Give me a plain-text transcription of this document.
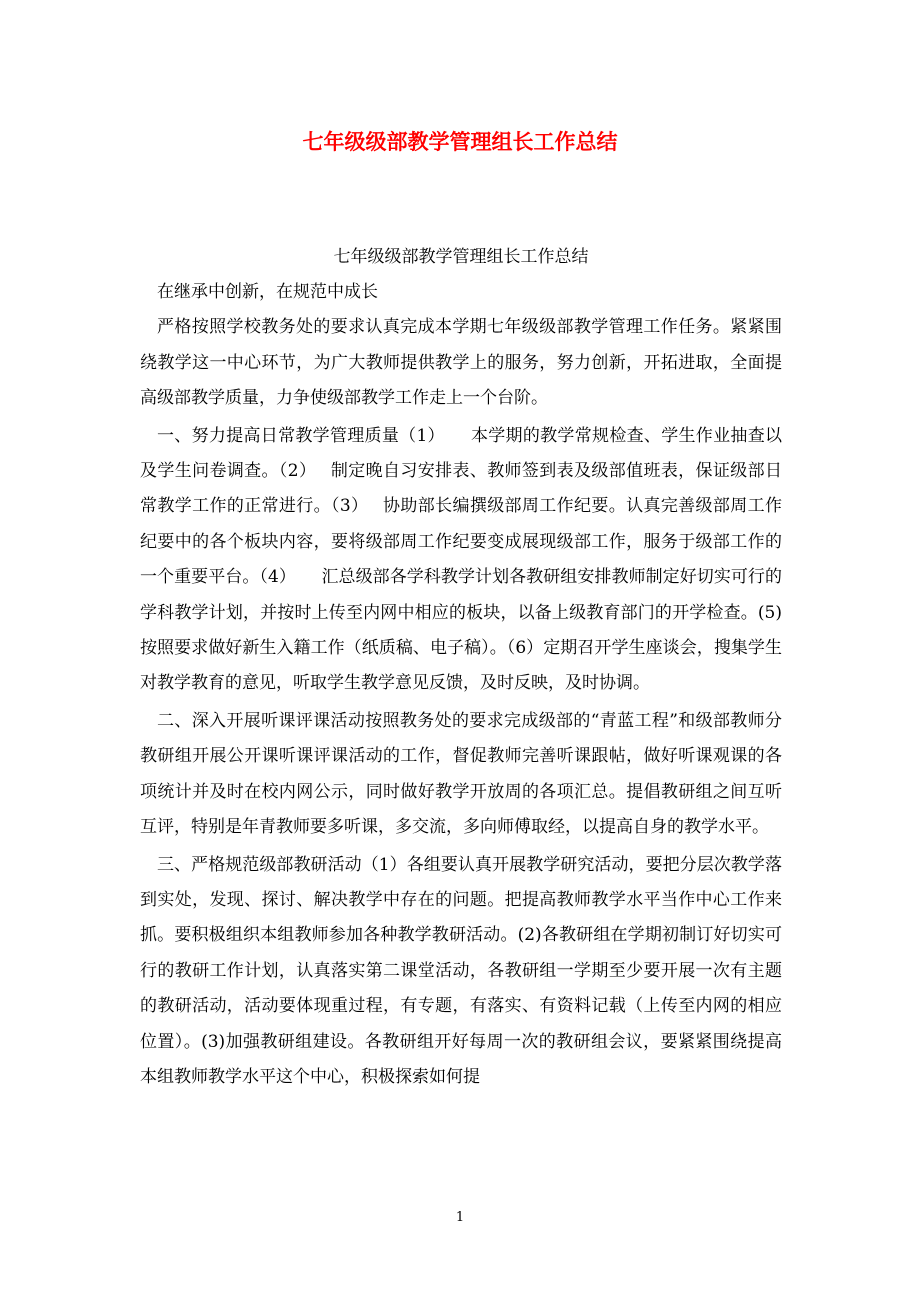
七年级级部教学管理组长工作总结

七年级级部教学管理组长工作总结

在继承中创新，在规范中成长

严格按照学校教务处的要求认真完成本学期七年级级部教学管理工作任务。紧紧围绕教学这一中心环节，为广大教师提供教学上的服务，努力创新，开拓进取，全面提高级部教学质量，力争使级部教学工作走上一个台阶。

一、努力提高日常教学管理质量（1）　　本学期的教学常规检查、学生作业抽查以及学生问卷调查。（2）　 制定晚自习安排表、教师签到表及级部值班表，保证级部日常教学工作的正常进行。（3）　 协助部长编撰级部周工作纪要。认真完善级部周工作纪要中的各个板块内容，要将级部周工作纪要变成展现级部工作，服务于级部工作的一个重要平台。（4）　　汇总级部各学科教学计划各教研组安排教师制定好切实可行的学科教学计划，并按时上传至内网中相应的板块，以备上级教育部门的开学检查。(5)按照要求做好新生入籍工作（纸质稿、电子稿）。（6）定期召开学生座谈会，搜集学生对教学教育的意见，听取学生教学意见反馈，及时反映，及时协调。

二、深入开展听课评课活动按照教务处的要求完成级部的“青蓝工程”和级部教师分教研组开展公开课听课评课活动的工作，督促教师完善听课跟帖，做好听课观课的各项统计并及时在校内网公示，同时做好教学开放周的各项汇总。提倡教研组之间互听互评，特别是年青教师要多听课，多交流，多向师傅取经，以提高自身的教学水平。

三、严格规范级部教研活动（1）各组要认真开展教学研究活动，要把分层次教学落到实处，发现、探讨、解决教学中存在的问题。把提高教师教学水平当作中心工作来抓。要积极组织本组教师参加各种教学教研活动。(2)各教研组在学期初制订好切实可行的教研工作计划，认真落实第二课堂活动，各教研组一学期至少要开展一次有主题的教研活动，活动要体现重过程，有专题，有落实、有资料记载（上传至内网的相应位置）。(3)加强教研组建设。各教研组开好每周一次的教研组会议，要紧紧围绕提高本组教师教学水平这个中心，积极探索如何提

1
